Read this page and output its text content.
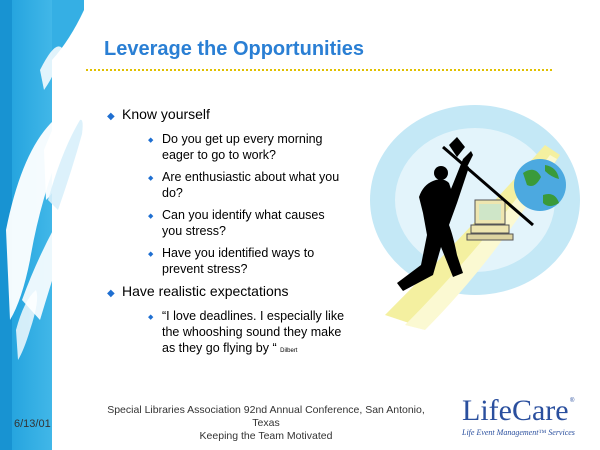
Leverage the Opportunities
◆ Know yourself
◆ Do you get up every morning eager to go to work?
◆ Are enthusiastic about what you do?
◆ Can you identify what causes you stress?
◆ Have you identified ways to prevent stress?
◆ Have realistic expectations
◆ “I love deadlines. I especially like the whooshing sound they make as they go flying by “ Dilbert
Special Libraries Association 92nd Annual Conference, San Antonio, Texas
Keeping the Team Motivated
6/13/01	LifeCare ®
Life Event Management™ Services
